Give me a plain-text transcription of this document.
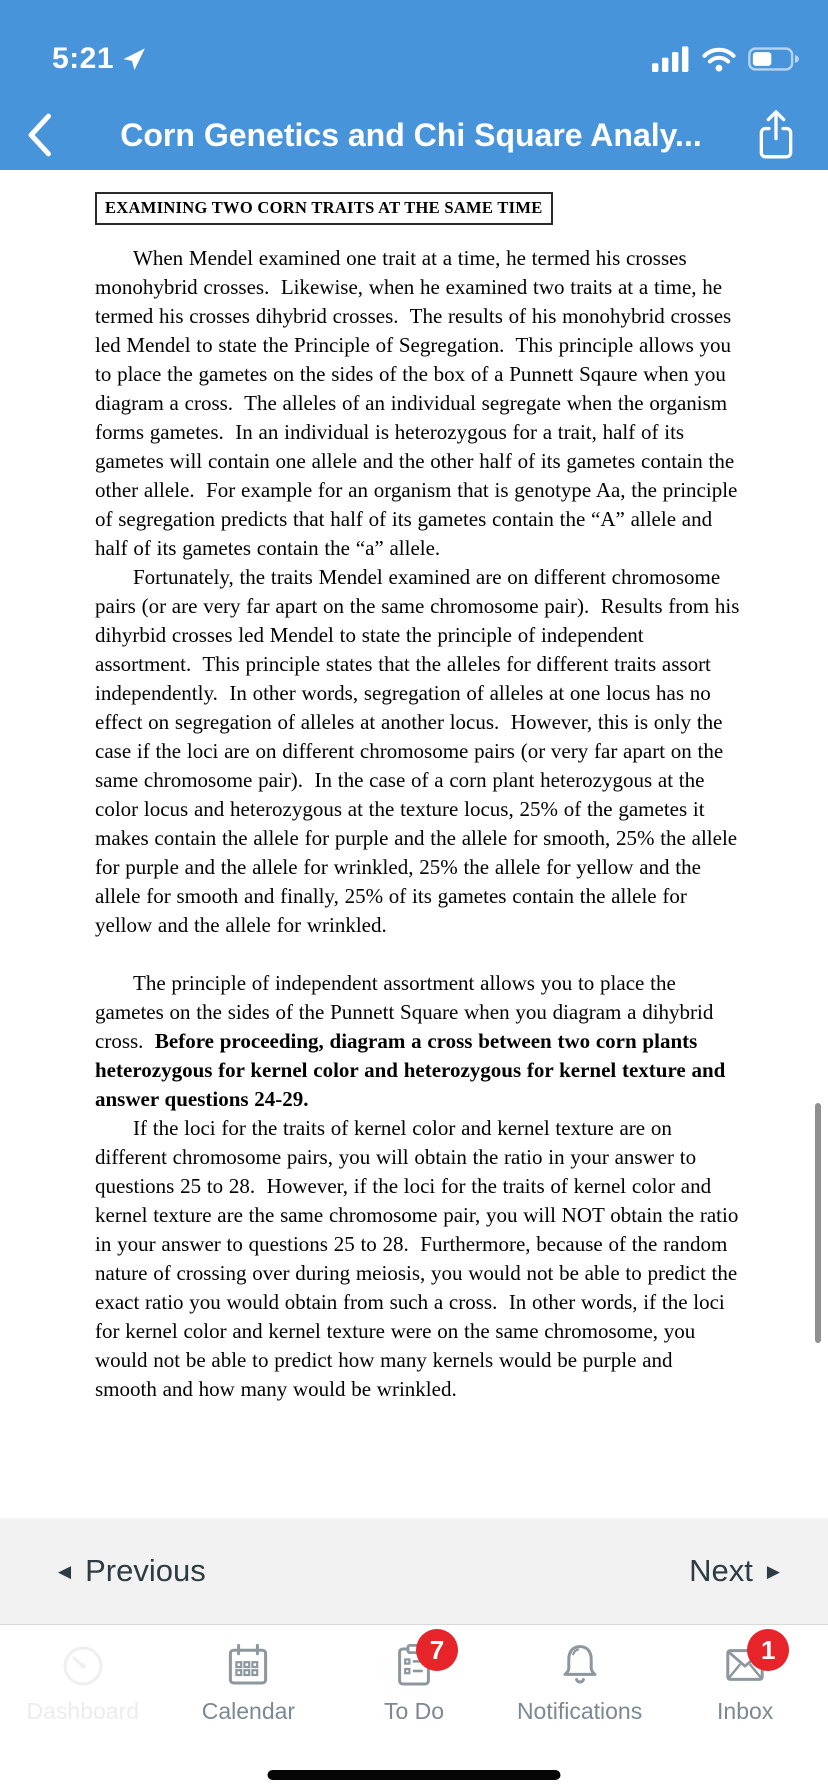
5:21
Corn Genetics and Chi Square Analy...
EXAMINING TWO CORN TRAITS AT THE SAME TIME

When Mendel examined one trait at a time, he termed his crosses monohybrid crosses.  Likewise, when he examined two traits at a time, he termed his crosses dihybrid crosses.  The results of his monohybrid crosses led Mendel to state the Principle of Segregation.  This principle allows you to place the gametes on the sides of the box of a Punnett Sqaure when you diagram a cross.  The alleles of an individual segregate when the organism forms gametes.  In an individual is heterozygous for a trait, half of its gametes will contain one allele and the other half of its gametes contain the other allele.  For example for an organism that is genotype Aa, the principle of segregation predicts that half of its gametes contain the “A” allele and half of its gametes contain the “a” allele.

Fortunately, the traits Mendel examined are on different chromosome pairs (or are very far apart on the same chromosome pair).  Results from his dihyrbid crosses led Mendel to state the principle of independent assortment.  This principle states that the alleles for different traits assort independently.  In other words, segregation of alleles at one locus has no effect on segregation of alleles at another locus.  However, this is only the case if the loci are on different chromosome pairs (or very far apart on the same chromosome pair).  In the case of a corn plant heterozygous at the color locus and heterozygous at the texture locus, 25% of the gametes it makes contain the allele for purple and the allele for smooth, 25% the allele for purple and the allele for wrinkled, 25% the allele for yellow and the allele for smooth and finally, 25% of its gametes contain the allele for yellow and the allele for wrinkled.

The principle of independent assortment allows you to place the gametes on the sides of the Punnett Square when you diagram a dihybrid cross.  Before proceeding, diagram a cross between two corn plants heterozygous for kernel color and heterozygous for kernel texture and answer questions 24-29.

If the loci for the traits of kernel color and kernel texture are on different chromosome pairs, you will obtain the ratio in your answer to questions 25 to 28.  However, if the loci for the traits of kernel color and kernel texture are the same chromosome pair, you will NOT obtain the ratio in your answer to questions 25 to 28.  Furthermore, because of the random nature of crossing over during meiosis, you would not be able to predict the exact ratio you would obtain from such a cross.  In other words, if the loci for kernel color and kernel texture were on the same chromosome, you would not be able to predict how many kernels would be purple and smooth and how many would be wrinkled.

◀ Previous	Next ▶
Dashboard	Calendar
7
To Do	Notifications
1
Inbox
